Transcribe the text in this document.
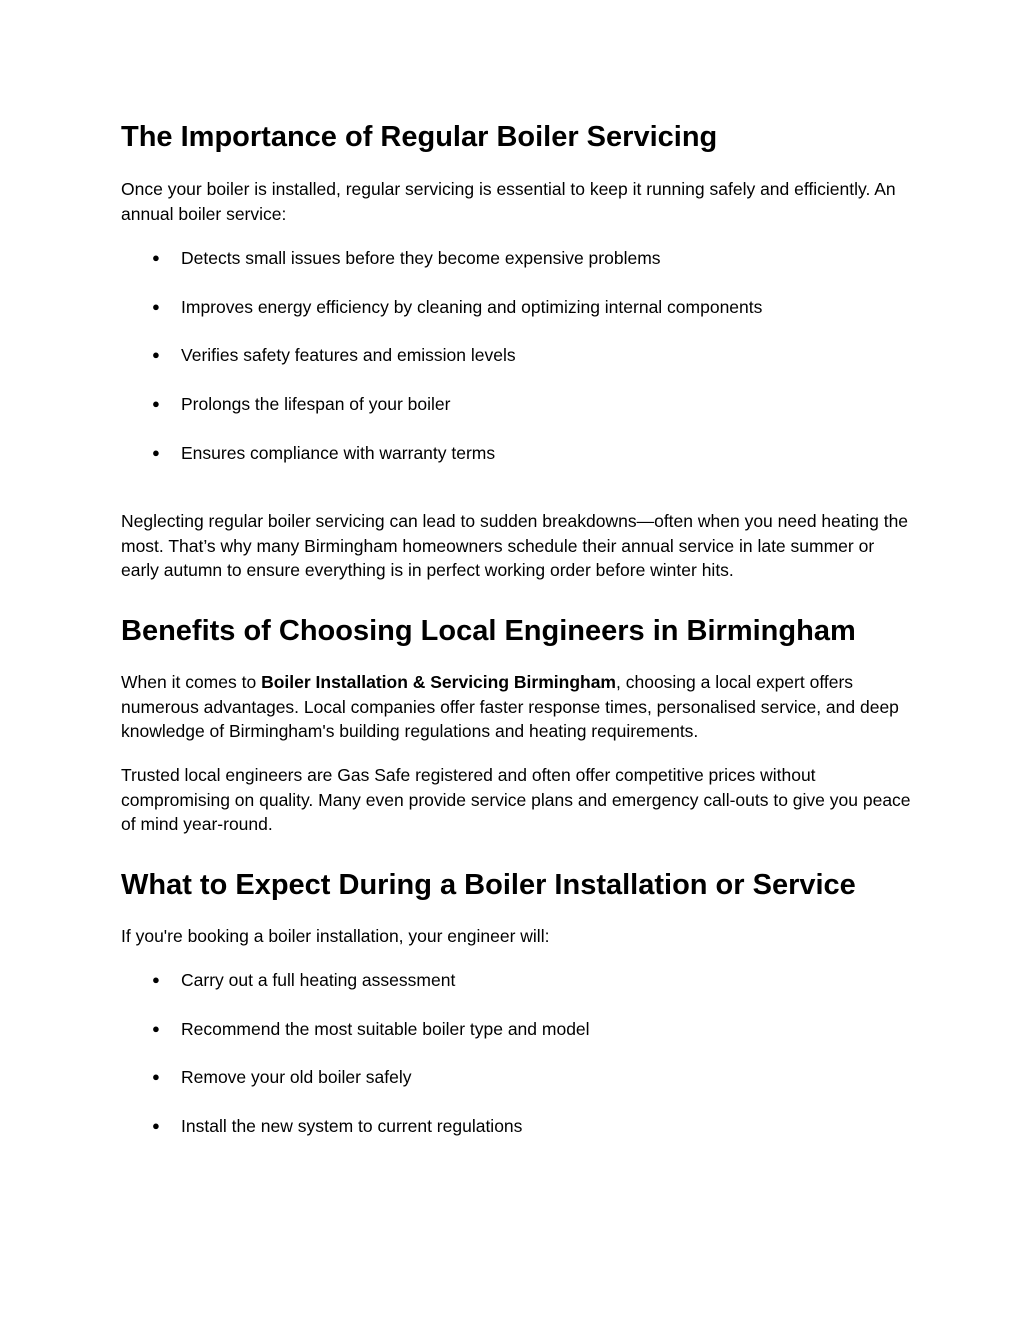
The Importance of Regular Boiler Servicing

Once your boiler is installed, regular servicing is essential to keep it running safely and efficiently. An annual boiler service:

● Detects small issues before they become expensive problems
● Improves energy efficiency by cleaning and optimizing internal components
● Verifies safety features and emission levels
● Prolongs the lifespan of your boiler
● Ensures compliance with warranty terms

Neglecting regular boiler servicing can lead to sudden breakdowns—often when you need heating the most. That’s why many Birmingham homeowners schedule their annual service in late summer or early autumn to ensure everything is in perfect working order before winter hits.

Benefits of Choosing Local Engineers in Birmingham

When it comes to Boiler Installation & Servicing Birmingham, choosing a local expert offers numerous advantages. Local companies offer faster response times, personalised service, and deep knowledge of Birmingham's building regulations and heating requirements.

Trusted local engineers are Gas Safe registered and often offer competitive prices without compromising on quality. Many even provide service plans and emergency call-outs to give you peace of mind year-round.

What to Expect During a Boiler Installation or Service

If you're booking a boiler installation, your engineer will:

● Carry out a full heating assessment
● Recommend the most suitable boiler type and model
● Remove your old boiler safely
● Install the new system to current regulations
